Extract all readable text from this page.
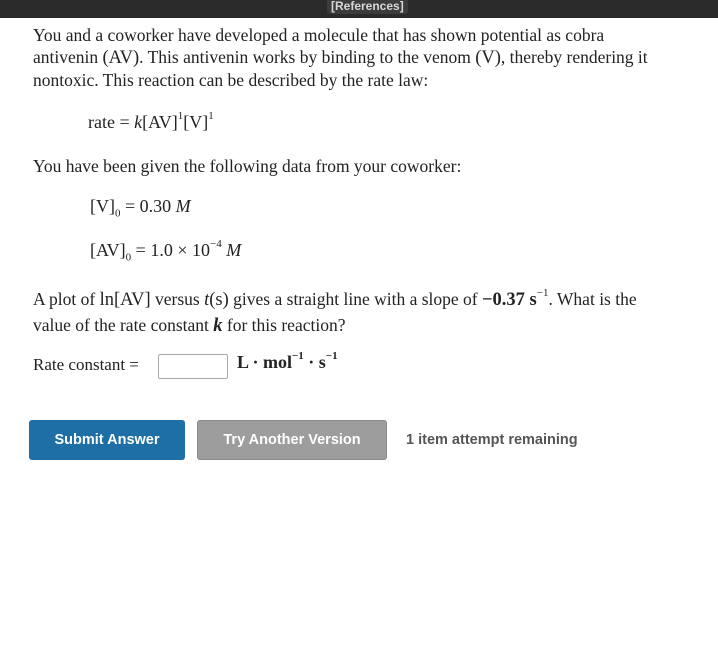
[References]

You and a coworker have developed a molecule that has shown potential as cobra
antivenin (AV). This antivenin works by binding to the venom (V), thereby rendering it
nontoxic. This reaction can be described by the rate law:

rate = $k[AV]^1[V]^1$
You have been given the following data from your coworker:
$[V]_0 = 0.30$ M
$[AV]_0 = 1.0 \times 10^{-4}$ M
A plot of ln[AV] versus t(s) gives a straight line with a slope of −0.37 $s^{-1}$. What is the
value of the rate constant k for this reaction?
Rate constant =	$L \cdot mol^{-1} \cdot s^{-1}$
Submit Answer	Try Another Version	1 item attempt remaining
